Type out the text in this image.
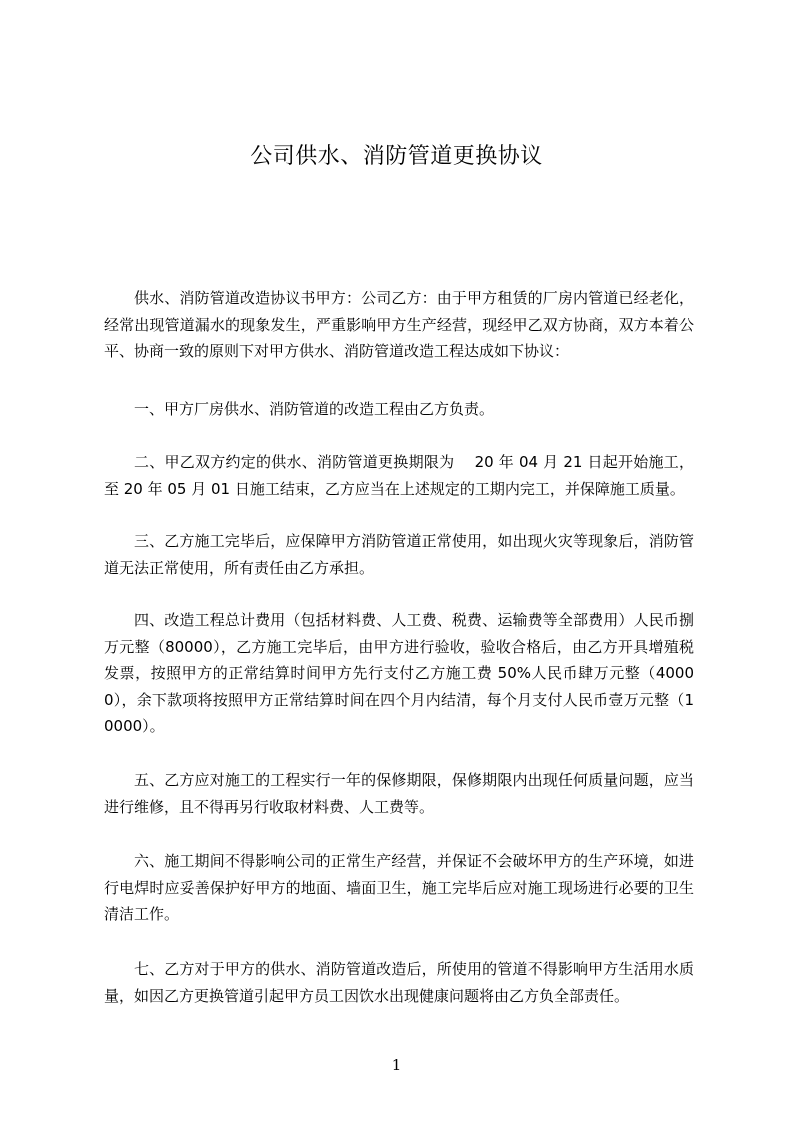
公司供水、消防管道更换协议

供水、消防管道改造协议书甲方：公司乙方：由于甲方租赁的厂房内管道已经老化，经常出现管道漏水的现象发生，严重影响甲方生产经营，现经甲乙双方协商，双方本着公平、协商一致的原则下对甲方供水、消防管道改造工程达成如下协议：

一、甲方厂房供水、消防管道的改造工程由乙方负责。

二、甲乙双方约定的供水、消防管道更换期限为　 20 年 04 月 21 日起开始施工，至 20 年 05 月 01 日施工结束，乙方应当在上述规定的工期内完工，并保障施工质量。

三、乙方施工完毕后，应保障甲方消防管道正常使用，如出现火灾等现象后，消防管道无法正常使用，所有责任由乙方承担。

四、改造工程总计费用（包括材料费、人工费、税费、运输费等全部费用）人民币捌万元整（80000），乙方施工完毕后，由甲方进行验收，验收合格后，由乙方开具增殖税发票，按照甲方的正常结算时间甲方先行支付乙方施工费 50%人民币肆万元整（40000），余下款项将按照甲方正常结算时间在四个月内结清，每个月支付人民币壹万元整（10000）。

五、乙方应对施工的工程实行一年的保修期限，保修期限内出现任何质量问题，应当进行维修，且不得再另行收取材料费、人工费等。

六、施工期间不得影响公司的正常生产经营，并保证不会破坏甲方的生产环境，如进行电焊时应妥善保护好甲方的地面、墙面卫生，施工完毕后应对施工现场进行必要的卫生清洁工作。

七、乙方对于甲方的供水、消防管道改造后，所使用的管道不得影响甲方生活用水质量，如因乙方更换管道引起甲方员工因饮水出现健康问题将由乙方负全部责任。

1
